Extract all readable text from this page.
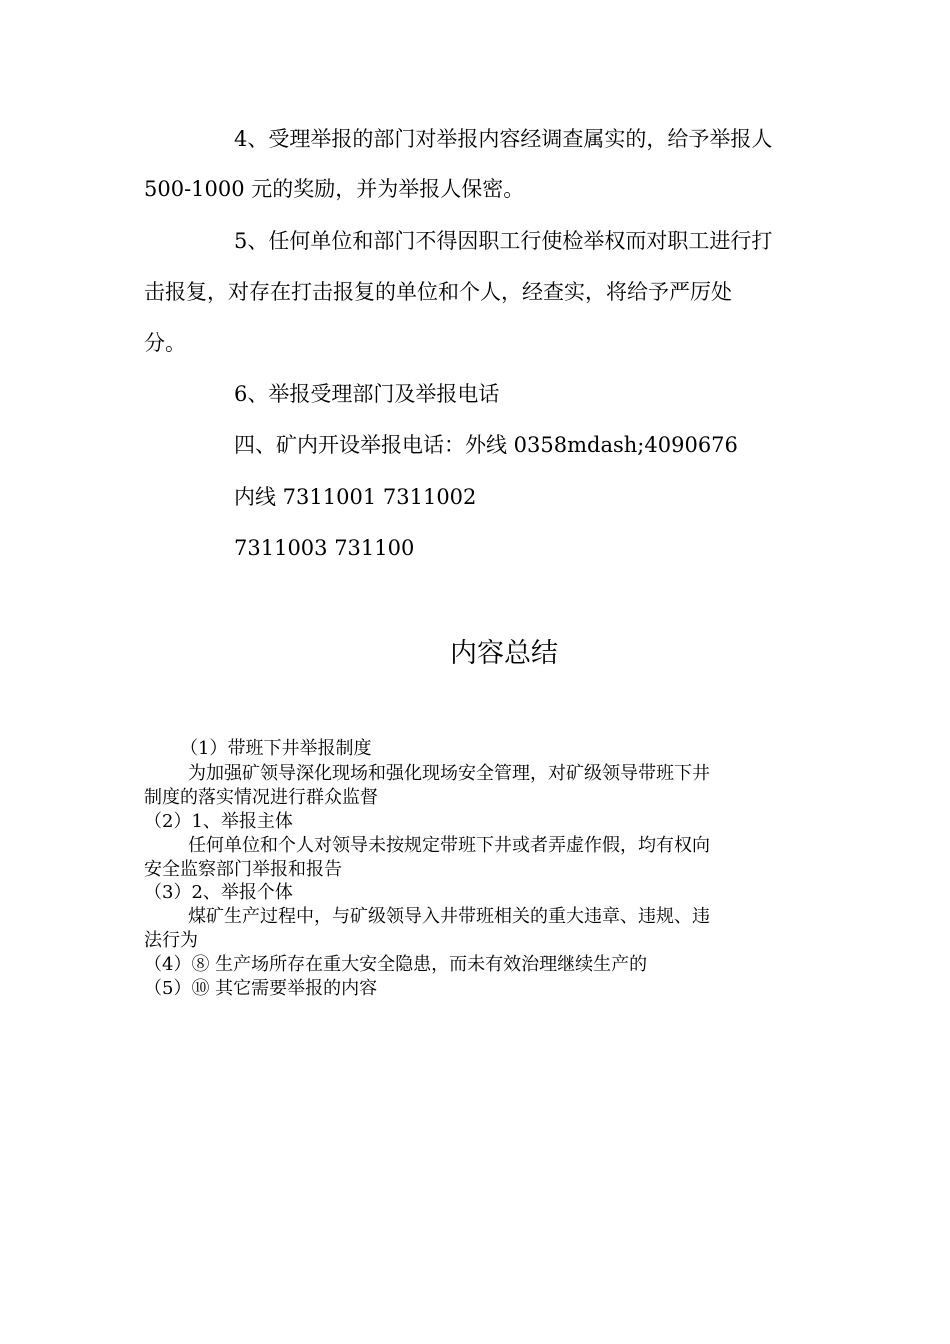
4、受理举报的部门对举报内容经调查属实的，给予举报人
500-1000 元的奖励，并为举报人保密。
5、任何单位和部门不得因职工行使检举权而对职工进行打
击报复，对存在打击报复的单位和个人，经查实，将给予严厉处
分。
6、举报受理部门及举报电话
四、矿内开设举报电话：外线 0358mdash;4090676
内线 7311001 7311002
7311003 731100
内容总结
（1）带班下井举报制度
为加强矿领导深化现场和强化现场安全管理，对矿级领导带班下井
制度的落实情况进行群众监督
（2）1、举报主体
任何单位和个人对领导未按规定带班下井或者弄虚作假，均有权向
安全监察部门举报和报告
（3）2、举报个体
煤矿生产过程中，与矿级领导入井带班相关的重大违章、违规、违
法行为
（4）⑧ 生产场所存在重大安全隐患，而未有效治理继续生产的
（5）⑩ 其它需要举报的内容
